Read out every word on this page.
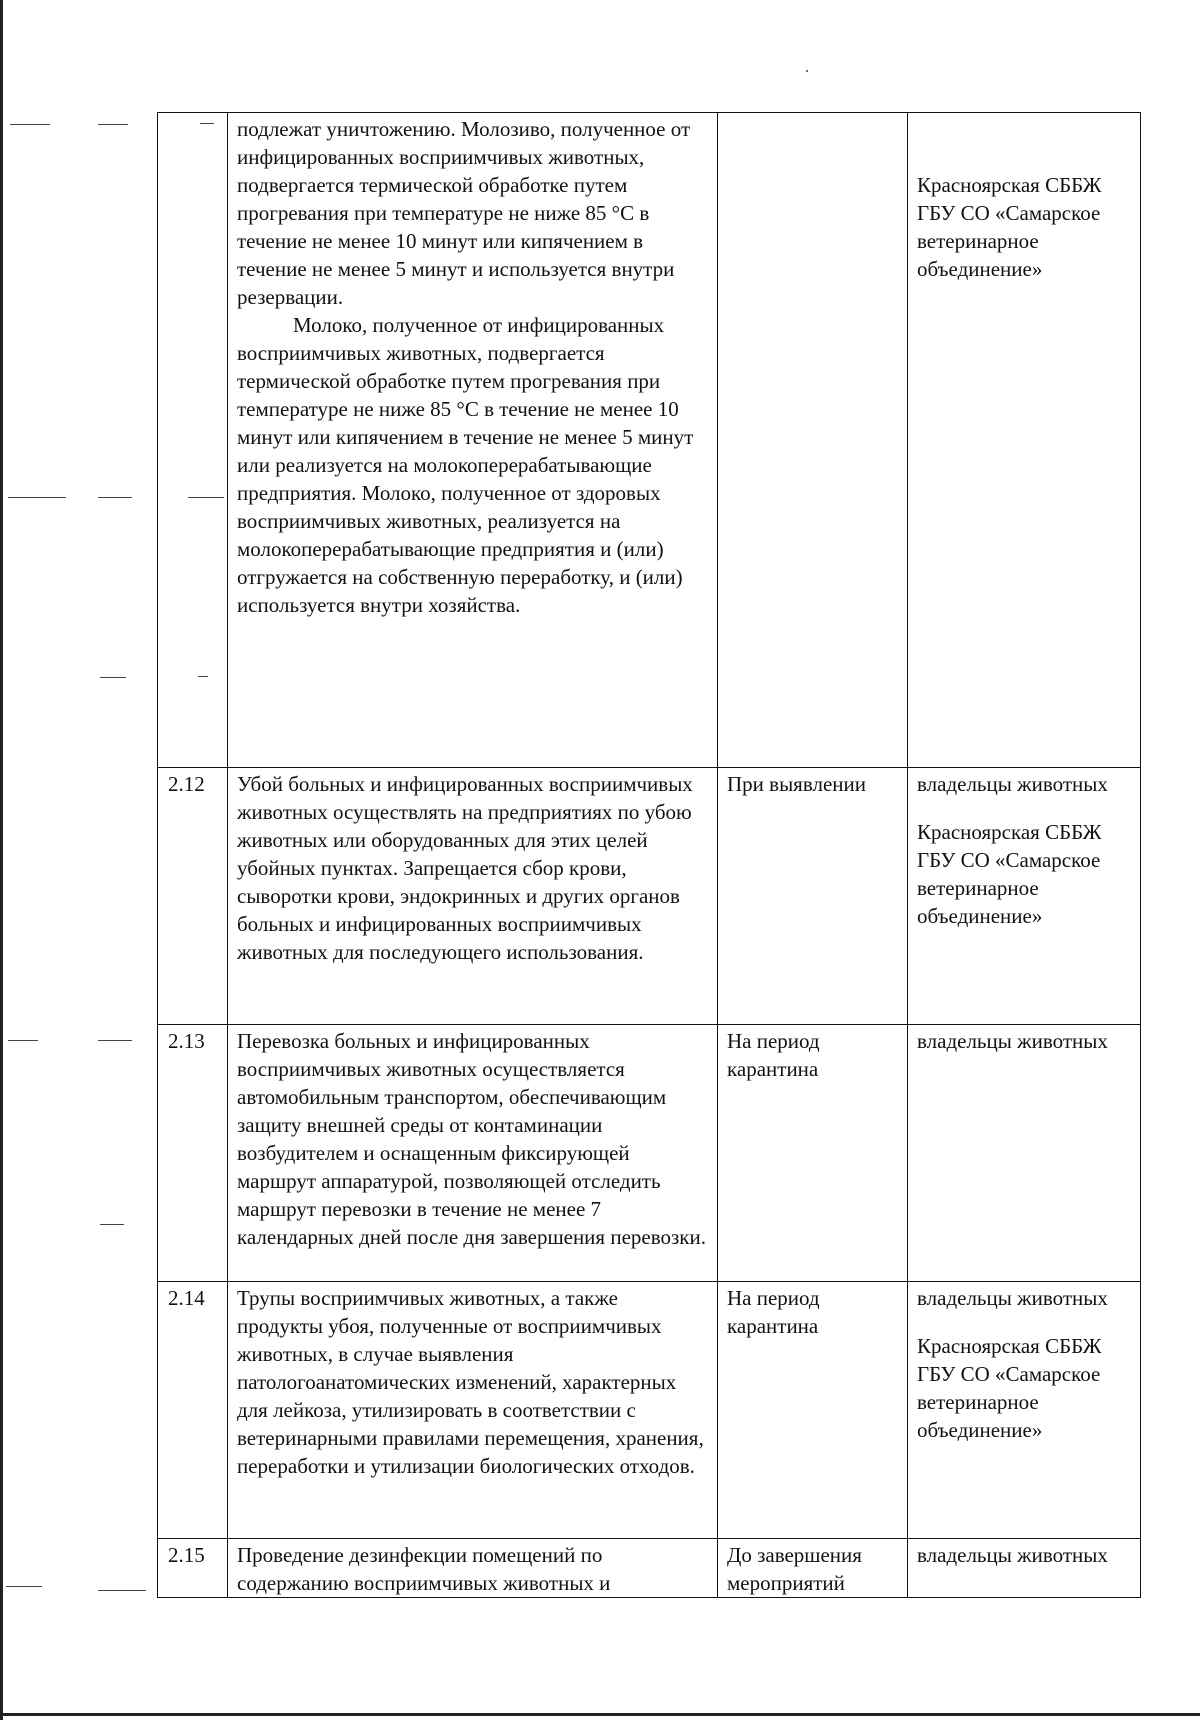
	подлежат уничтожению. Молозиво, полученное от инфицированных восприимчивых животных, подвергается термической обработке путем прогревания при температуре не ниже 85 °С в течение не менее 10 минут или кипячением в течение не менее 5 минут и используется внутри резервации.

Молоко, полученное от инфицированных восприимчивых животных, подвергается термической обработке путем прогревания при температуре не ниже 85 °С в течение не менее 10 минут или кипячением в течение не менее 5 минут или реализуется на молокоперерабатывающие предприятия. Молоко, полученное от здоровых восприимчивых животных, реализуется на молокоперерабатывающие предприятия и (или) отгружается на собственную переработку, и (или) используется внутри хозяйства.		Красноярская СББЖ ГБУ СО «Самарское ветеринарное объединение»

2.12	Убой больных и инфицированных восприимчивых животных осуществлять на предприятиях по убою животных или оборудованных для этих целей убойных пунктах. Запрещается сбор крови, сыворотки крови, эндокринных и других органов больных и инфицированных восприимчивых животных для последующего использования.	При выявлении	владельцы животных
Красноярская СББЖ ГБУ СО «Самарское ветеринарное объединение»

2.13	Перевозка больных и инфицированных восприимчивых животных осуществляется автомобильным транспортом, обеспечивающим защиту внешней среды от контаминации возбудителем и оснащенным фиксирующей маршрут аппаратурой, позволяющей отследить маршрут перевозки в течение не менее 7 календарных дней после дня завершения перевозки.	На период карантина	владельцы животных

2.14	Трупы восприимчивых животных, а также продукты убоя, полученные от восприимчивых животных, в случае выявления патологоанатомических изменений, характерных для лейкоза, утилизировать в соответствии с ветеринарными правилами перемещения, хранения, переработки и утилизации биологических отходов.	На период карантина	владельцы животных
Красноярская СББЖ ГБУ СО «Самарское ветеринарное объединение»

2.15	Проведение дезинфекции помещений по содержанию восприимчивых животных и	До завершения мероприятий	владельцы животных
